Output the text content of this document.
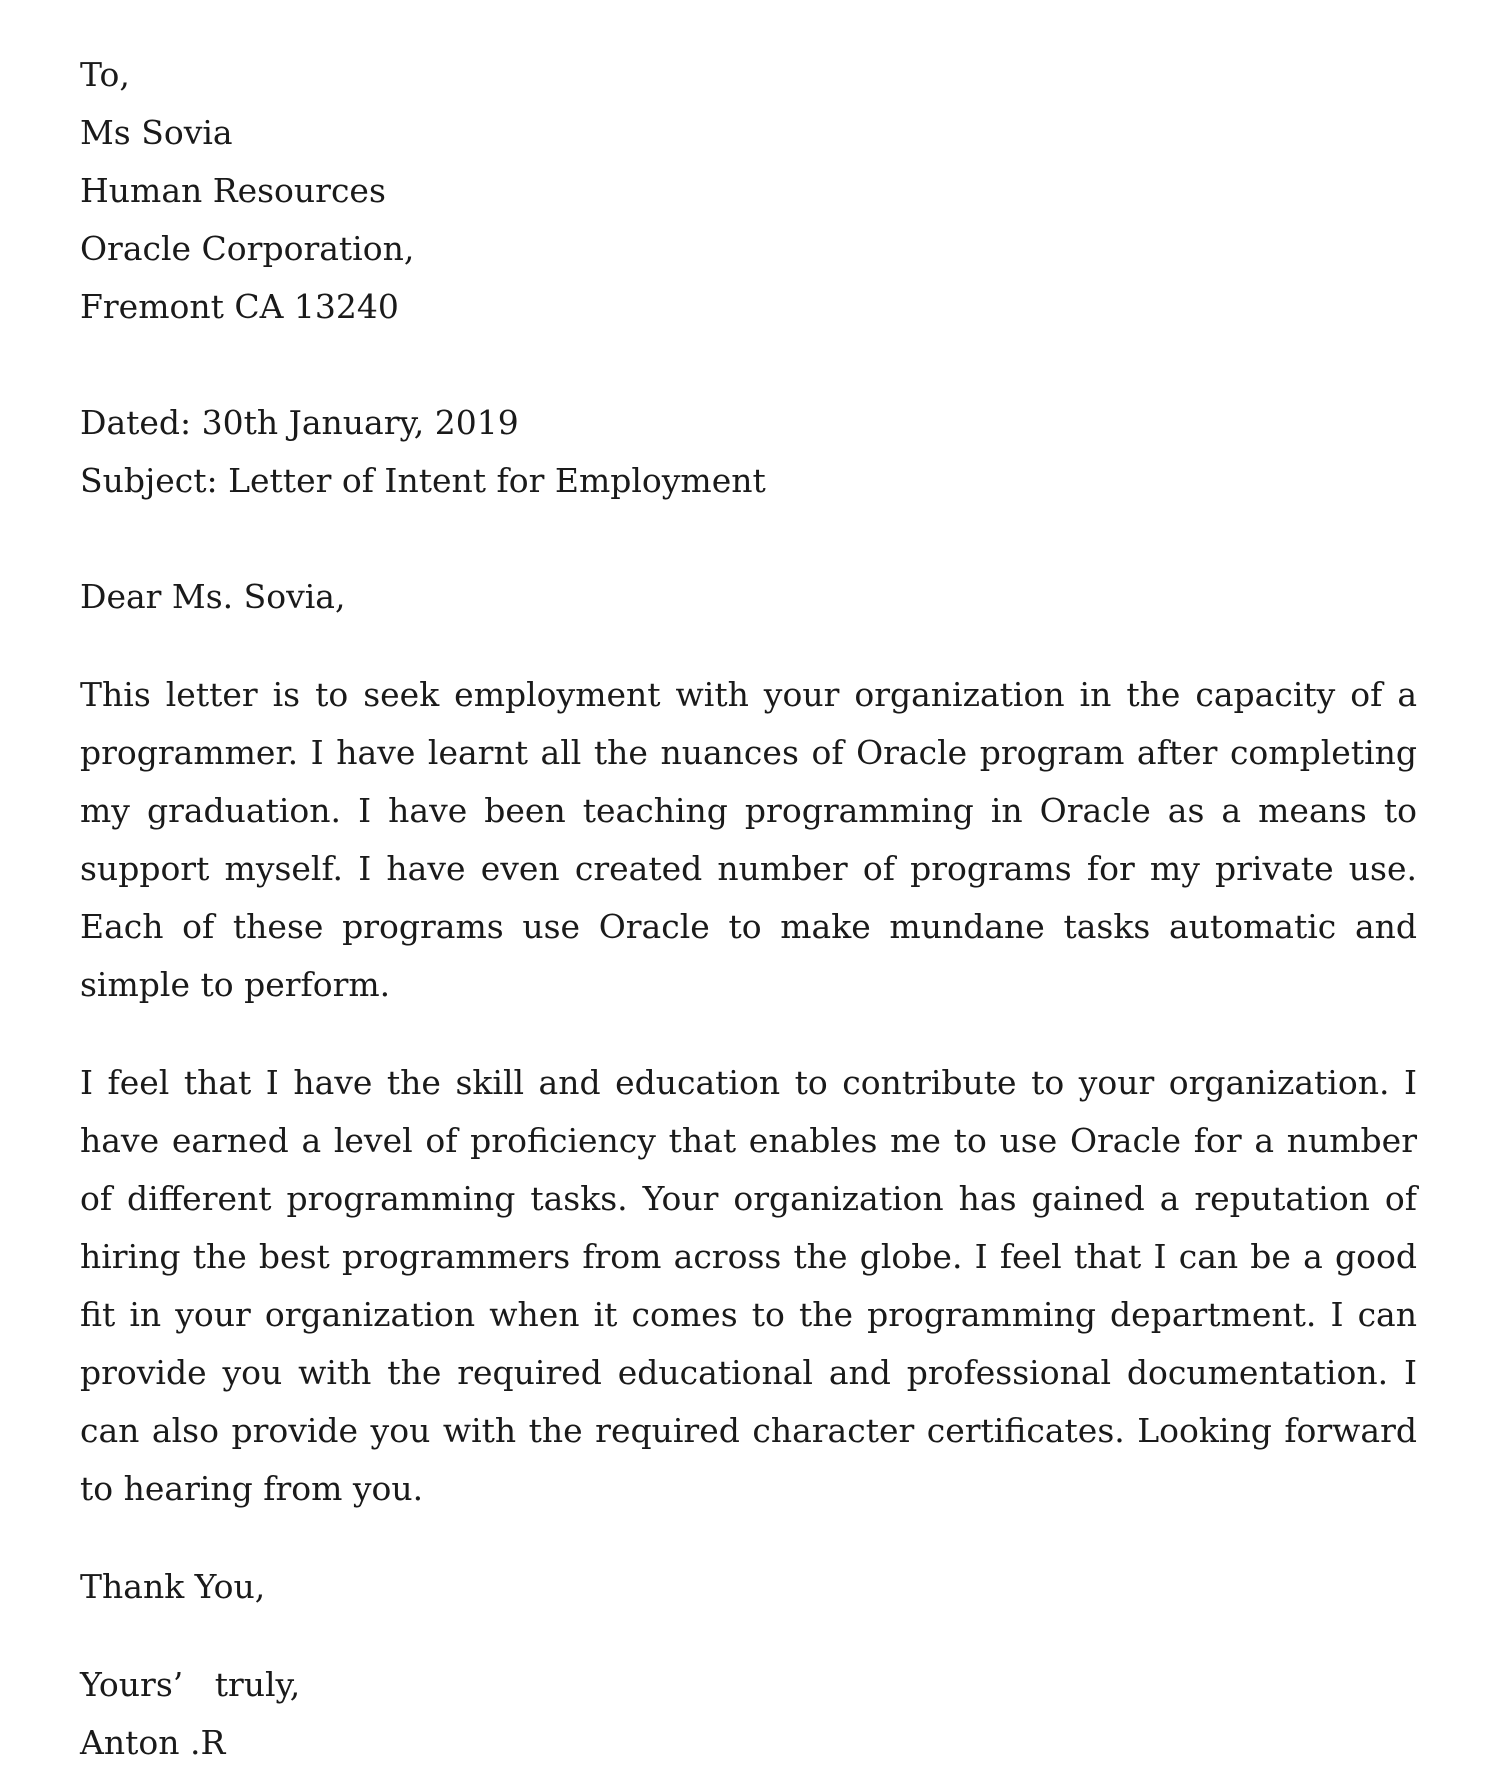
To,
Ms Sovia
Human Resources
Oracle Corporation,
Fremont CA 13240
Dated: 30th January, 2019
Subject: Letter of Intent for Employment
Dear Ms. Sovia,

This letter is to seek employment with your organization in the capacity of a programmer. I have learnt all the nuances of Oracle program after completing my graduation. I have been teaching programming in Oracle as a means to support myself. I have even created number of programs for my private use. Each of these programs use Oracle to make mundane tasks automatic and simple to perform.

I feel that I have the skill and education to contribute to your organization. I have earned a level of proficiency that enables me to use Oracle for a number of different programming tasks. Your organization has gained a reputation of hiring the best programmers from across the globe. I feel that I can be a good fit in your organization when it comes to the programming department. I can provide you with the required educational and professional documentation. I can also provide you with the required character certificates. Looking forward to hearing from you.

Thank You,
Yours’   truly,
Anton .R
